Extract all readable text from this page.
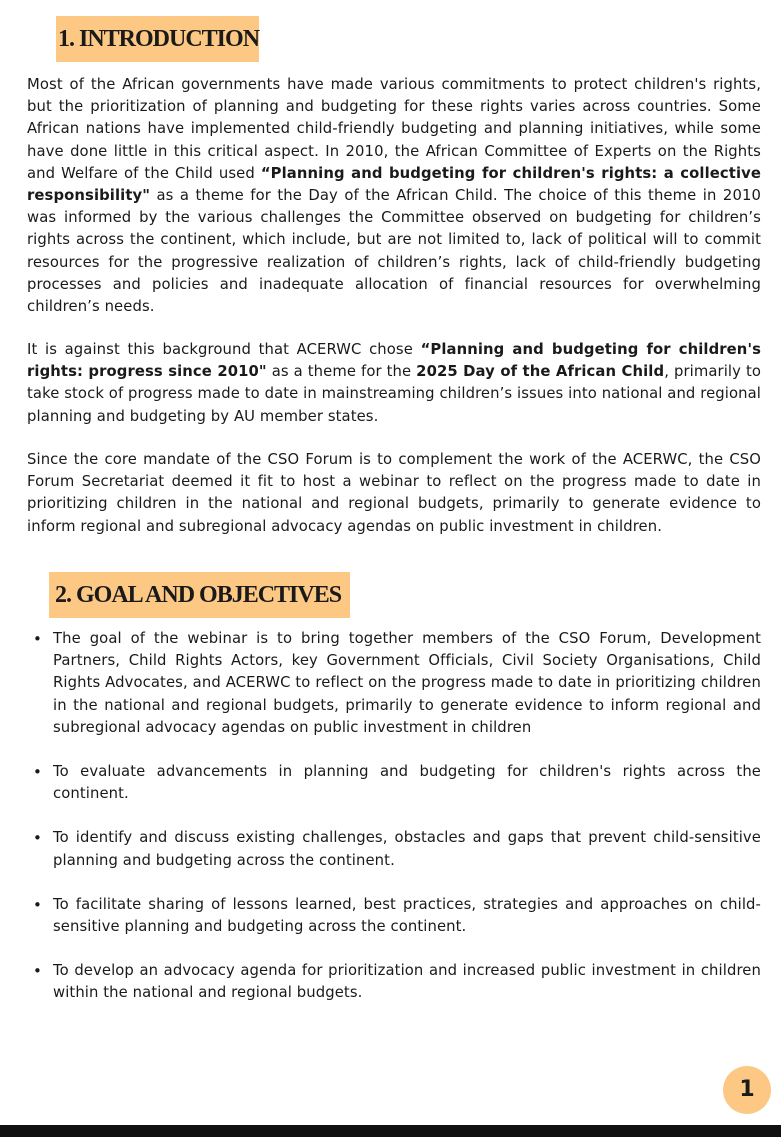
1. INTRODUCTION

Most of the African governments have made various commitments to protect children's rights, but the prioritization of planning and budgeting for these rights varies across countries. Some African nations have implemented child-friendly budgeting and planning initiatives, while some have done little in this critical aspect. In 2010, the African Committee of Experts on the Rights and Welfare of the Child used “Planning and budgeting for children's rights: a collective responsibility" as a theme for the Day of the African Child. The choice of this theme in 2010 was informed by the various challenges the Committee observed on budgeting for children’s rights across the continent, which include, but are not limited to, lack of political will to commit resources for the progressive realization of children’s rights, lack of child-friendly budgeting processes and policies and inadequate allocation of financial resources for overwhelming children’s needs.

It is against this background that ACERWC chose “Planning and budgeting for children's rights: progress since 2010" as a theme for the 2025 Day of the African Child, primarily to take stock of progress made to date in mainstreaming children’s issues into national and regional planning and budgeting by AU member states.

Since the core mandate of the CSO Forum is to complement the work of the ACERWC, the CSO Forum Secretariat deemed it fit to host a webinar to reflect on the progress made to date in prioritizing children in the national and regional budgets, primarily to generate evidence to inform regional and subregional advocacy agendas on public investment in children.

2. GOAL AND OBJECTIVES
• The goal of the webinar is to bring together members of the CSO Forum, Development Partners, Child Rights Actors, key Government Officials, Civil Society Organisations, Child Rights Advocates, and ACERWC to reflect on the progress made to date in prioritizing children in the national and regional budgets, primarily to generate evidence to inform regional and subregional advocacy agendas on public investment in children
• To evaluate advancements in planning and budgeting for children's rights across the continent.
• To identify and discuss existing challenges, obstacles and gaps that prevent child-sensitive planning and budgeting across the continent.
• To facilitate sharing of lessons learned, best practices, strategies and approaches on child-sensitive planning and budgeting across the continent.
• To develop an advocacy agenda for prioritization and increased public investment in children within the national and regional budgets.
1
